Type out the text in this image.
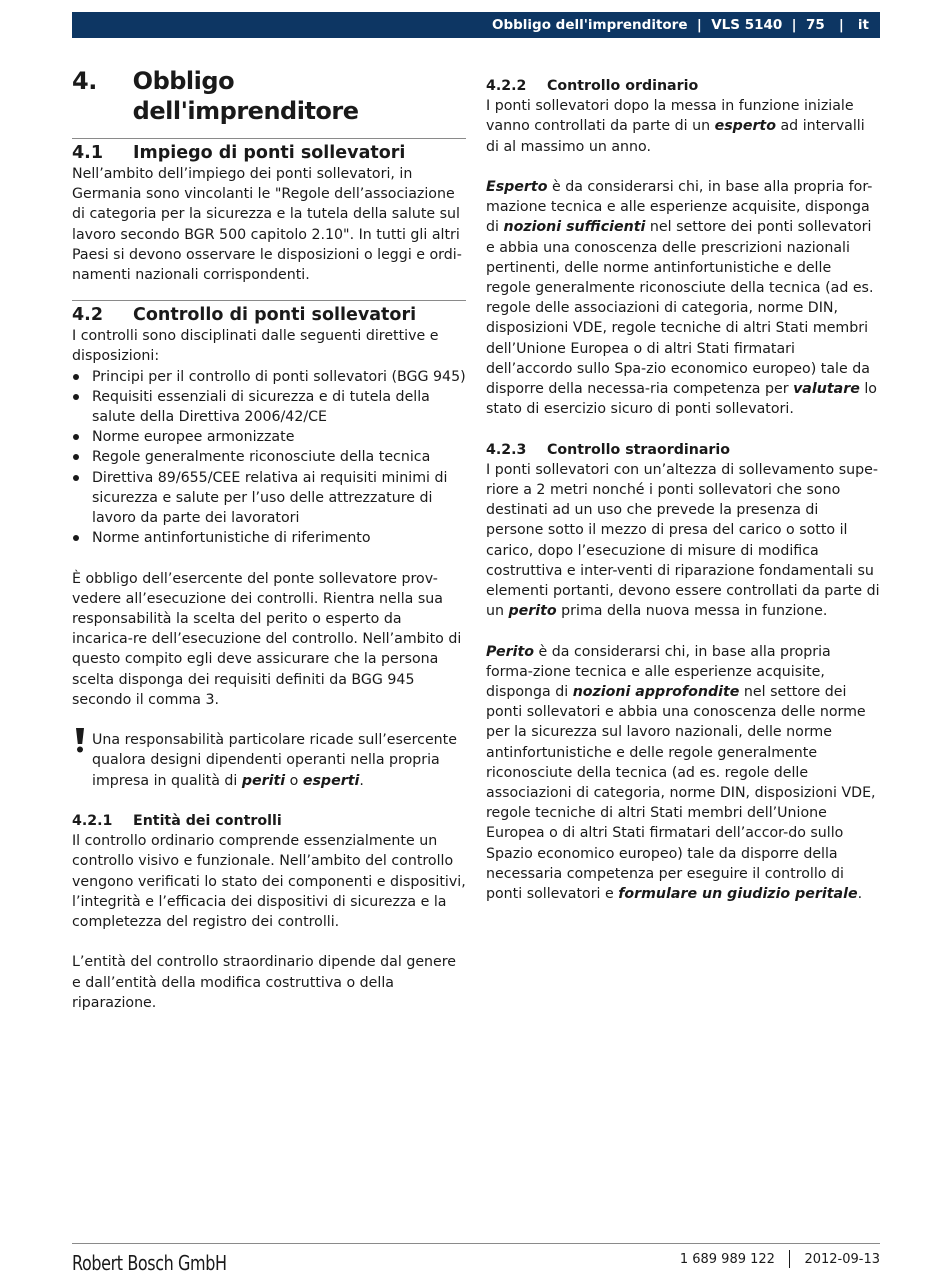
Obbligo dell'imprenditore  |  VLS 5140  |  75   |   it
4.	Obbligo dell'imprenditore
4.1	Impiego di ponti sollevatori

Nell’ambito dell’impiego dei ponti sollevatori, in Germania sono vincolanti le "Regole dell’associazione di categoria per la sicurezza e la tutela della salute sul lavoro secondo BGR 500 capitolo 2.10". In tutti gli altri Paesi si devono osservare le disposizioni o leggi e ordi-namenti nazionali corrispondenti.

4.2	Controllo di ponti sollevatori

I controlli sono disciplinati dalle seguenti direttive e disposizioni:

Principi per il controllo di ponti sollevatori (BGG 945)
Requisiti essenziali di sicurezza e di tutela della salute della Direttiva 2006/42/CE
Norme europee armonizzate
Regole generalmente riconosciute della tecnica
Direttiva 89/655/CEE relativa ai requisiti minimi di sicurezza e salute per l’uso delle attrezzature di lavoro da parte dei lavoratori
Norme antinfortunistiche di riferimento

È obbligo dell’esercente del ponte sollevatore prov-vedere all’esecuzione dei controlli. Rientra nella sua responsabilità la scelta del perito o esperto da incarica-re dell’esecuzione del controllo. Nell’ambito di questo compito egli deve assicurare che la persona scelta disponga dei requisiti definiti da BGG 945 secondo il comma 3.

Una responsabilità particolare ricade sull’esercente qualora designi dipendenti operanti nella propria impresa in qualità di periti o esperti.

4.2.1	Entità dei controlli

Il controllo ordinario comprende essenzialmente un controllo visivo e funzionale. Nell’ambito del controllo vengono verificati lo stato dei componenti e dispositivi, l’integrità e l’efficacia dei dispositivi di sicurezza e la completezza del registro dei controlli.

L’entità del controllo straordinario dipende dal genere e dall’entità della modifica costruttiva o della riparazione.

4.2.2	Controllo ordinario

I ponti sollevatori dopo la messa in funzione iniziale vanno controllati da parte di un esperto ad intervalli di al massimo un anno.

Esperto è da considerarsi chi, in base alla propria for-mazione tecnica e alle esperienze acquisite, disponga di nozioni sufficienti nel settore dei ponti sollevatori e abbia una conoscenza delle prescrizioni nazionali pertinenti, delle norme antinfortunistiche e delle regole generalmente riconosciute della tecnica (ad es. regole delle associazioni di categoria, norme DIN, disposizioni VDE, regole tecniche di altri Stati membri dell’Unione Europea o di altri Stati firmatari dell’accordo sullo Spa-zio economico europeo) tale da disporre della necessa-ria competenza per valutare lo stato di esercizio sicuro di ponti sollevatori.

4.2.3	Controllo straordinario

I ponti sollevatori con un’altezza di sollevamento supe-riore a 2 metri nonché i ponti sollevatori che sono destinati ad un uso che prevede la presenza di persone sotto il mezzo di presa del carico o sotto il carico, dopo l’esecuzione di misure di modifica costruttiva e inter-venti di riparazione fondamentali su elementi portanti, devono essere controllati da parte di un perito prima della nuova messa in funzione.

Perito è da considerarsi chi, in base alla propria forma-zione tecnica e alle esperienze acquisite, disponga di nozioni approfondite nel settore dei ponti sollevatori e abbia una conoscenza delle norme per la sicurezza sul lavoro nazionali, delle norme antinfortunistiche e delle regole generalmente riconosciute della tecnica (ad es. regole delle associazioni di categoria, norme DIN, disposizioni VDE, regole tecniche di altri Stati membri dell’Unione Europea o di altri Stati firmatari dell’accor-do sullo Spazio economico europeo) tale da disporre della necessaria competenza per eseguire il controllo di ponti sollevatori e formulare un giudizio peritale.

Robert Bosch GmbH	1 689 989 122 2012-09-13
